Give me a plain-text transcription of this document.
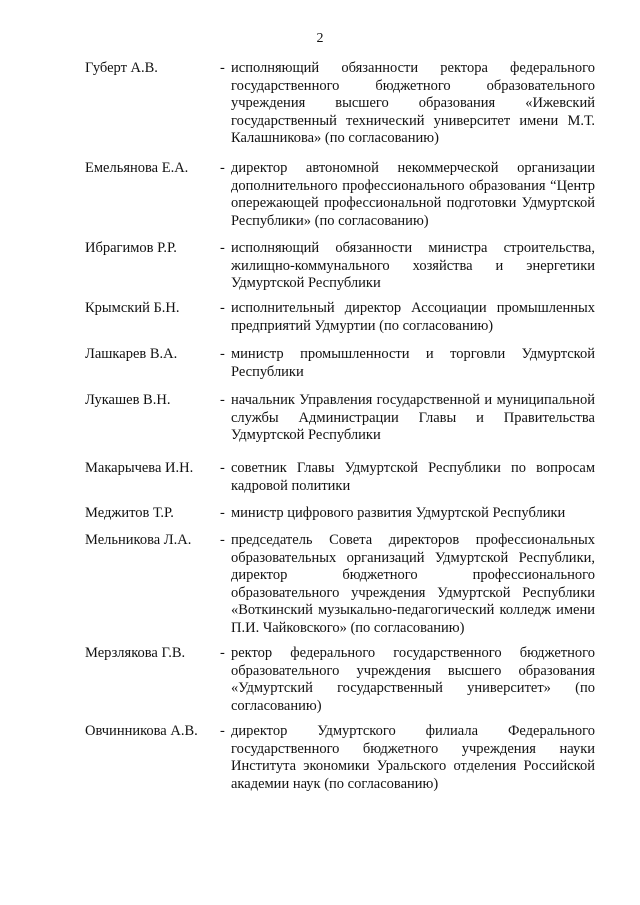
2
Губерт А.В.	- исполняющий обязанности ректора федерального государственного бюджетного образовательного учреждения высшего образования «Ижевский государственный технический университет имени М.Т. Калашникова» (по согласованию)
Емельянова Е.А. - директор автономной некоммерческой организации дополнительного профессионального образования “Центр опережающей профессиональной подготовки Удмуртской Республики» (по согласованию)
Ибрагимов Р.Р.	- исполняющий обязанности министра строительства, жилищно-коммунального хозяйства и энергетики Удмуртской Республики
Крымский Б.Н.	- исполнительный директор Ассоциации промышленных предприятий Удмуртии (по согласованию)
Лашкарев В.А.	- министр промышленности и торговли Удмуртской Республики
Лукашев В.Н.	- начальник Управления государственной и муниципальной службы Администрации Главы и Правительства Удмуртской Республики
Макарычева И.Н. - советник Главы Удмуртской Республики по вопросам кадровой политики
Меджитов Т.Р.	- министр цифрового развития Удмуртской Республики
Мельникова Л.А. - председатель Совета директоров профессиональных образовательных организаций Удмуртской Республики, директор бюджетного профессионального образовательного учреждения Удмуртской Республики «Воткинский музыкально-педагогический колледж имени П.И. Чайковского» (по согласованию)
Мерзлякова Г.В. - ректор федерального государственного бюджетного образовательного учреждения высшего образования «Удмуртский государственный университет» (по согласованию)
Овчинникова А.В. - директор Удмуртского филиала Федерального государственного бюджетного учреждения науки Института экономики Уральского отделения Российской академии наук (по согласованию)
